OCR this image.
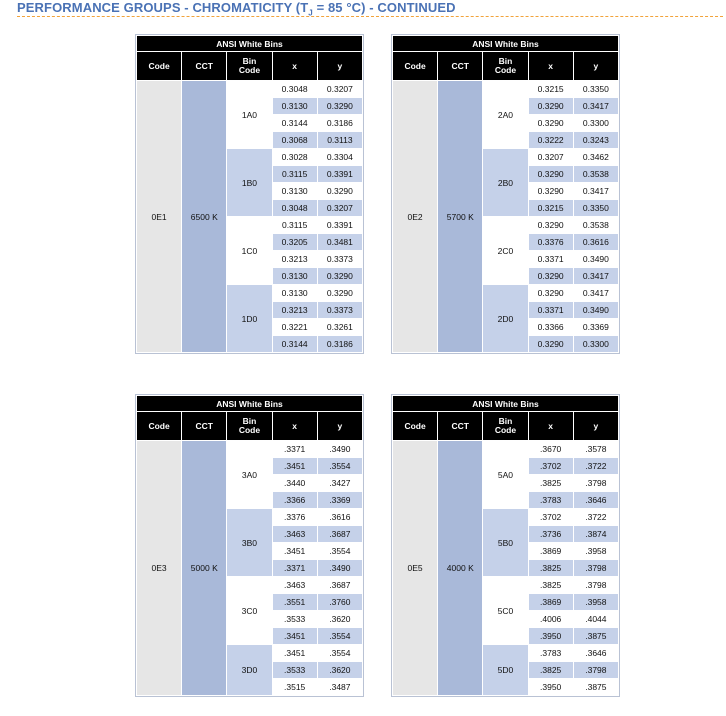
PERFORMANCE GROUPS - CHROMATICITY ($T_J = 85$ °C) - CONTINUED
ANSI White Bins				
Code	CCT	Bin
Code	x	y
0E1	6500 K	1A0	0.3048	0.3207
			0.3130	0.3290
			0.3144	0.3186
			0.3068	0.3113
		1B0	0.3028	0.3304
			0.3115	0.3391
			0.3130	0.3290
			0.3048	0.3207
		1C0	0.3115	0.3391
			0.3205	0.3481
			0.3213	0.3373
			0.3130	0.3290
		1D0	0.3130	0.3290
			0.3213	0.3373
			0.3221	0.3261
			0.3144	0.3186
ANSI White Bins				
Code	CCT	Bin
Code	x	y
0E2	5700 K	2A0	0.3215	0.3350
			0.3290	0.3417
			0.3290	0.3300
			0.3222	0.3243
		2B0	0.3207	0.3462
			0.3290	0.3538
			0.3290	0.3417
			0.3215	0.3350
		2C0	0.3290	0.3538
			0.3376	0.3616
			0.3371	0.3490
			0.3290	0.3417
		2D0	0.3290	0.3417
			0.3371	0.3490
			0.3366	0.3369
			0.3290	0.3300
ANSI White Bins				
Code	CCT	Bin
Code	x	y
0E3	5000 K	3A0	.3371	.3490
			.3451	.3554
			.3440	.3427
			.3366	.3369
		3B0	.3376	.3616
			.3463	.3687
			.3451	.3554
			.3371	.3490
		3C0	.3463	.3687
			.3551	.3760
			.3533	.3620
			.3451	.3554
		3D0	.3451	.3554
			.3533	.3620
			.3515	.3487
ANSI White Bins				
Code	CCT	Bin
Code	x	y
0E5	4000 K	5A0	.3670	.3578
			.3702	.3722
			.3825	.3798
			.3783	.3646
		5B0	.3702	.3722
			.3736	.3874
			.3869	.3958
			.3825	.3798
		5C0	.3825	.3798
			.3869	.3958
			.4006	.4044
			.3950	.3875
		5D0	.3783	.3646
			.3825	.3798
			.3950	.3875
